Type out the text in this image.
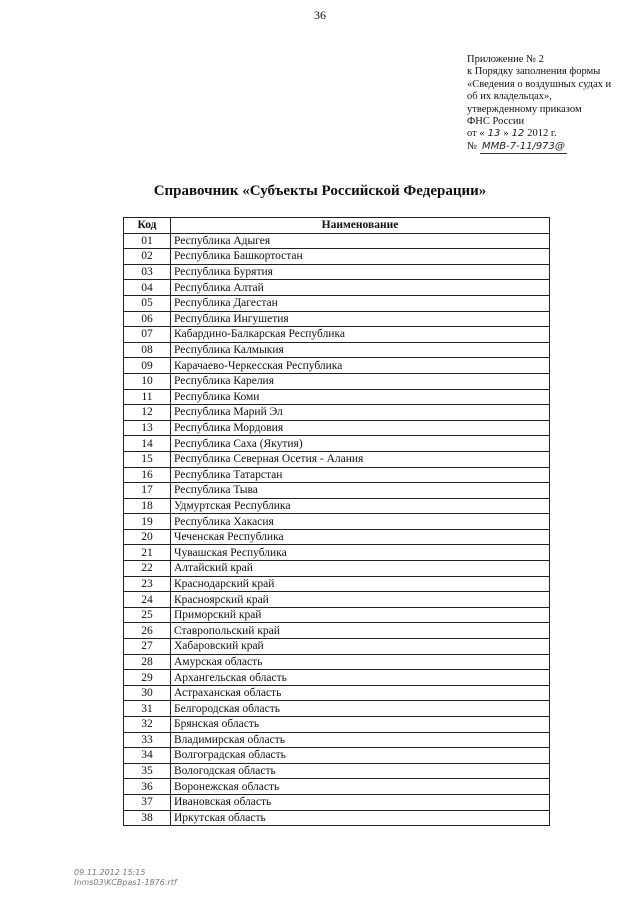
36
Приложение № 2
к Порядку заполнения формы
«Сведения о воздушных судах и
об их владельцах»,
утвержденному приказом
ФНС России
от « 13 » 12 2012 г.
№ ММВ-7-11/973@
Справочник «Субъекты Российской Федерации»
Код	Наименование
01	Республика Адыгея
02	Республика Башкортостан
03	Республика Бурятия
04	Республика Алтай
05	Республика Дагестан
06	Республика Ингушетия
07	Кабардино-Балкарская Республика
08	Республика Калмыкия
09	Карачаево-Черкесская Республика
10	Республика Карелия
11	Республика Коми
12	Республика Марий Эл
13	Республика Мордовия
14	Республика Саха (Якутия)
15	Республика Северная Осетия - Алания
16	Республика Татарстан
17	Республика Тыва
18	Удмуртская Республика
19	Республика Хакасия
20	Чеченская Республика
21	Чувашская Республика
22	Алтайский край
23	Краснодарский край
24	Красноярский край
25	Приморский край
26	Ставропольский край
27	Хабаровский край
28	Амурская область
29	Архангельская область
30	Астраханская область
31	Белгородская область
32	Брянская область
33	Владимирская область
34	Волгоградская область
35	Вологодская область
36	Воронежская область
37	Ивановская область
38	Иркутская область
09.11.2012 15:15
Inms03\KCBpas1-1876.rtf
